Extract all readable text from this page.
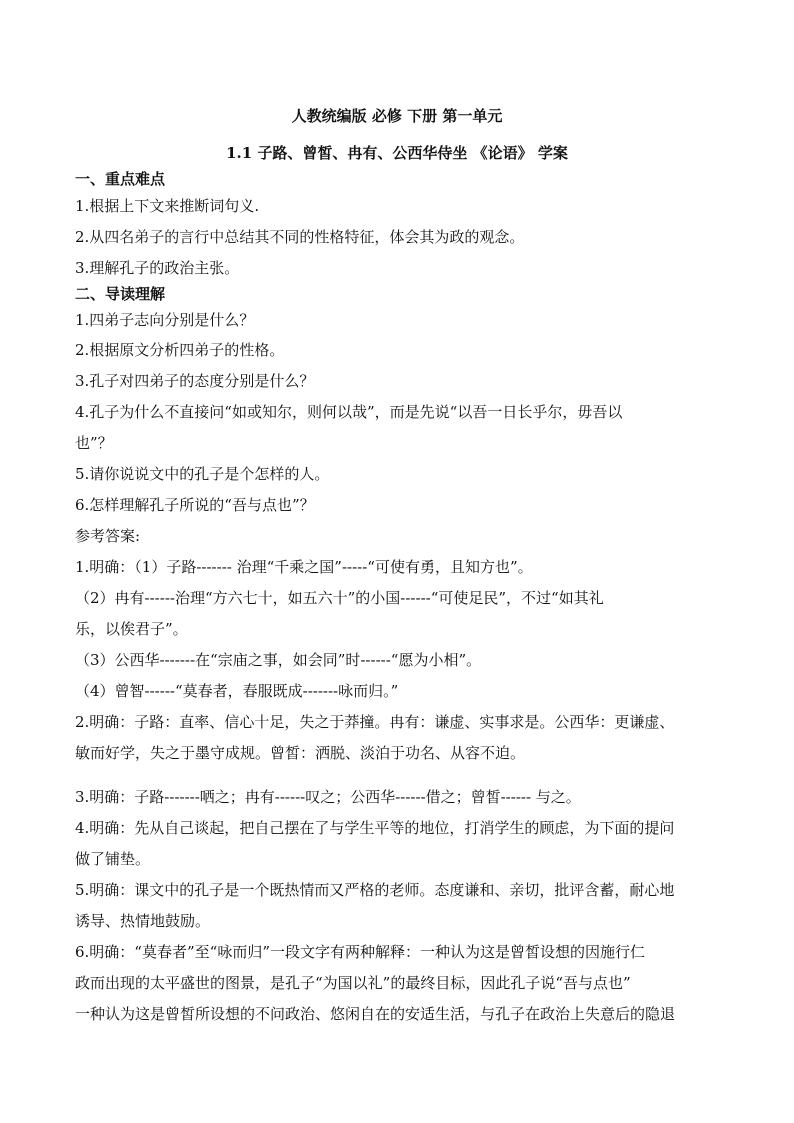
人教统编版 必修 下册 第一单元
1.1 子路、曾皙、冉有、公西华侍坐 《论语》 学案
一、重点难点
1.根据上下文来推断词句义.
2.从四名弟子的言行中总结其不同的性格特征，体会其为政的观念。
3.理解孔子的政治主张。
二、导读理解
1.四弟子志向分别是什么？
2.根据原文分析四弟子的性格。
3.孔子对四弟子的态度分别是什么？
4.孔子为什么不直接问“如或知尔，则何以哉”，而是先说“以吾一日长乎尔，毋吾以
也”？
5.请你说说文中的孔子是个怎样的人。
6.怎样理解孔子所说的“吾与点也”？
参考答案:
1.明确：（1）子路------- 治理“千乘之国”-----“可使有勇，且知方也”。
（2）冉有------治理“方六七十，如五六十”的小国------“可使足民”，不过“如其礼
乐，以俟君子”。
（3）公西华-------在“宗庙之事，如会同”时------“愿为小相”。
（4）曾智------“莫春者，春服既成-------咏而归。”
2.明确：子路：直率、信心十足，失之于莽撞。冉有：谦虚、实事求是。公西华：更谦虚、
敏而好学，失之于墨守成规。曾皙：洒脱、淡泊于功名、从容不迫。
3.明确：子路-------哂之；冉有------叹之；公西华------借之；曾皙------ 与之。
4.明确：先从自己谈起，把自己摆在了与学生平等的地位，打消学生的顾虑，为下面的提问
做了铺垫。
5.明确：课文中的孔子是一个既热情而又严格的老师。态度谦和、亲切，批评含蓄，耐心地
诱导、热情地鼓励。
6.明确：“莫春者”至“咏而归”一段文字有两种解释：一种认为这是曾皙设想的因施行仁
政而出现的太平盛世的图景，是孔子“为国以礼”的最终目标，因此孔子说“吾与点也”
一种认为这是曾皙所设想的不问政治、悠闲自在的安适生活，与孔子在政治上失意后的隐退
